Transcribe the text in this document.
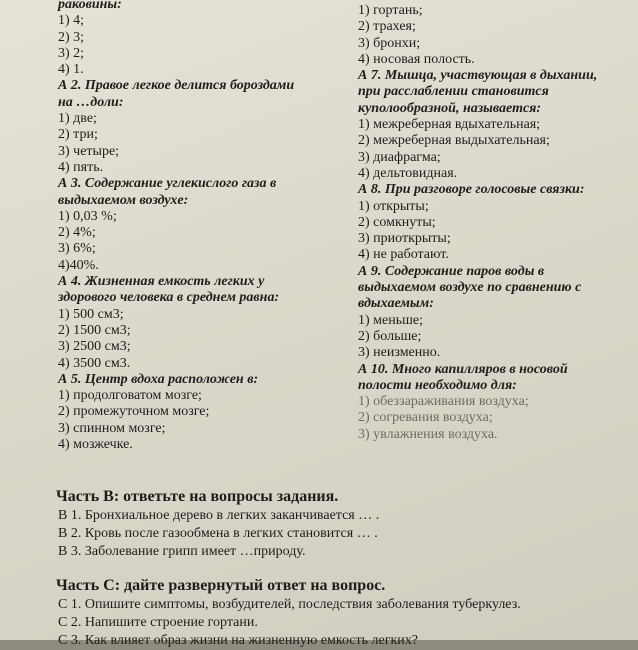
раковины:
1) 4;
2) 3;
3) 2;
4) 1.
А 2. Правое легкое делится бороздами
на …доли:
1) две;
2) три;
3) четыре;
4) пять.
А 3. Содержание углекислого газа в
выдыхаемом воздухе:
1) 0,03 %;
2) 4%;
3) 6%;
4)40%.
А 4. Жизненная емкость легких у
здорового человека в среднем равна:
1) 500 см3;
2) 1500 см3;
3) 2500 см3;
4) 3500 см3.
А 5. Центр вдоха расположен в:
1) продолговатом мозге;
2) промежуточном мозге;
3) спинном мозге;
4) мозжечке.
1) гортань;
2) трахея;
3) бронхи;
4) носовая полость.
А 7. Мышца, участвующая в дыхании,
при расслаблении становится
куполообразной, называется:
1) межреберная вдыхательная;
2) межреберная выдыхательная;
3) диафрагма;
4) дельтовидная.
А 8. При разговоре голосовые связки:
1) открыты;
2) сомкнуты;
3) приоткрыты;
4) не работают.
А 9. Содержание паров воды в
выдыхаемом воздухе по сравнению с
вдыхаемым:
1) меньше;
2) больше;
3) неизменно.
А 10. Много капилляров в носовой
полости необходимо для:
1) обеззараживания воздуха;
2) согревания воздуха;
3) увлажнения воздуха.
Часть В: ответьте на вопросы задания.
В 1. Бронхиальное дерево в легких заканчивается … .
В 2. Кровь после газообмена в легких становится … .
В 3. Заболевание грипп имеет …природу.
Часть С: дайте развернутый ответ на вопрос.
С 1. Опишите симптомы, возбудителей, последствия заболевания туберкулез.
С 2. Напишите строение гортани.
С 3. Как влияет образ жизни на жизненную емкость легких?
